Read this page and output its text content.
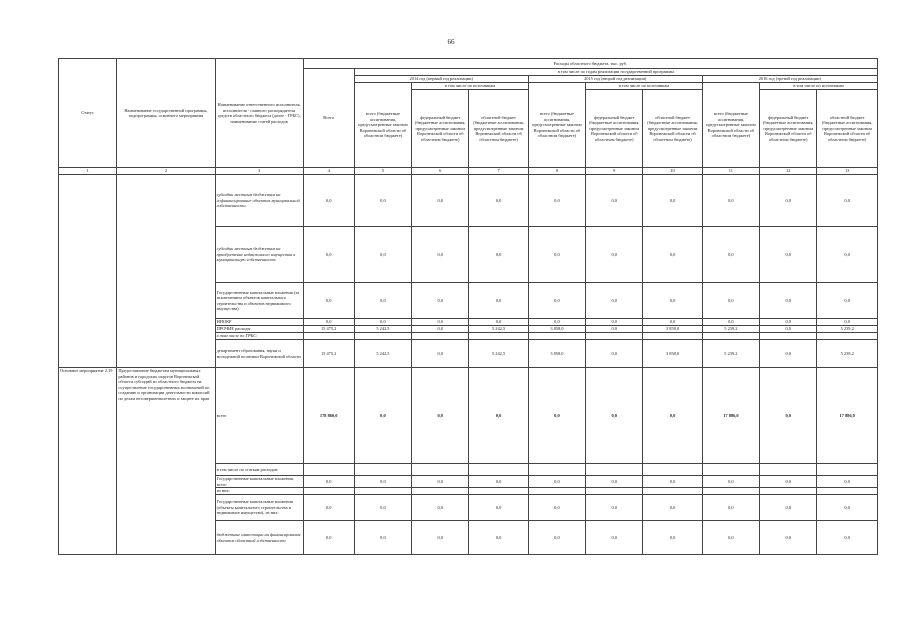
66
Статус	Наименование государственной программы, подпрограммы, основного мероприятия	Наименование ответственного исполнителя, исполнителя - главного распорядителя средств областного бюджета (далее - ГРБС), наименование статей расходов	Расходы областного бюджета, тыс. руб.									
			Всего	в том числе по годам реализации государственной программы								
				2014 год (первый год реализации)			2015 год (второй год реализации)			2016 год (третий год реализации)		
				всего (бюджетные ассигнования, предусмотренные законом Воронежской области об областном бюджете)	в том числе по источникам		всего (бюджетные ассигнования, предусмотренные законом Воронежской области об областном бюджете)	в том числе по источникам		всего (бюджетные ассигнования, предусмотренные законом Воронежской области об областном бюджете)	в том числе по источникам	
					федеральный бюджет (бюджетные ассигнования, предусмотренные законом Воронежской области об областном бюджете)	областной бюджет (бюджетные ассигнования, предусмотренные законом Воронежской области об областном бюджете)		федеральный бюджет (бюджетные ассигнования, предусмотренные законом Воронежской области об областном бюджете)	областной бюджет (бюджетные ассигнования, предусмотренные законом Воронежской области об областном бюджете)		федеральный бюджет (бюджетные ассигнования, предусмотренные законом Воронежской области об областном бюджете)	областной бюджет (бюджетные ассигнования, предусмотренные законом Воронежской области об областном бюджете)
1	2	3	4	5	6	7	8	9	10	11	12	13
		субсидии местным бюджетам на софинансирование объектов муниципальной собственности	0,0	0,0	0,0	0,0	0,0	0,0	0,0	0,0	0,0	0,0
		субсидии местным бюджетам на приобретение недвижимого имущества в муниципальную собственность	0,0	0,0	0,0	0,0	0,0	0,0	0,0	0,0	0,0	0,0
		Государственные капитальные вложения (за исключением объектов капитального строительства и объектов недвижимого имущества)	0,0	0,0	0,0	0,0	0,0	0,0	0,0	0,0	0,0	0,0
		НИОКР	0,0	0,0	0,0	0,0	0,0	0,0	0,0	0,0	0,0	0,0
		ПРОЧИЕ расходы	15 475,2	5 242,5	0,0	5 242,5	3 858,0	0,0	3 858,0	5 239,2	0,0	5 239,2
		в том числе по ГРБС:										
		департамент образования, науки и молодежной политики Воронежской области	15 475,2	5 242,5	0,0	5 242,5	3 858,0	0,0	3 858,0	5 239,2	0,0	5 239,2
Основное мероприятие 2.19	Предоставление бюджетам муниципальных районов и городских округов Воронежской области субсидий из областного бюджета на осуществление государственных полномочий по созданию и организации деятельности комиссий по делам несовершеннолетних и защите их прав	всего	178 860,0	0,0	0,0	0,0	0,0	0,0	0,0	17 886,0	0,0	17 886,0
		в том числе по статьям расходов:										
		Государственные капитальные вложения, всего	0,0	0,0	0,0	0,0	0,0	0,0	0,0	0,0	0,0	0,0
		из них:										
		Государственные капитальные вложения (объекты капитального строительства и недвижимое имущество), из них:	0,0	0,0	0,0	0,0	0,0	0,0	0,0	0,0	0,0	0,0
		бюджетные инвестиции на финансирование объектов областной собственности	0,0	0,0	0,0	0,0	0,0	0,0	0,0	0,0	0,0	0,0
